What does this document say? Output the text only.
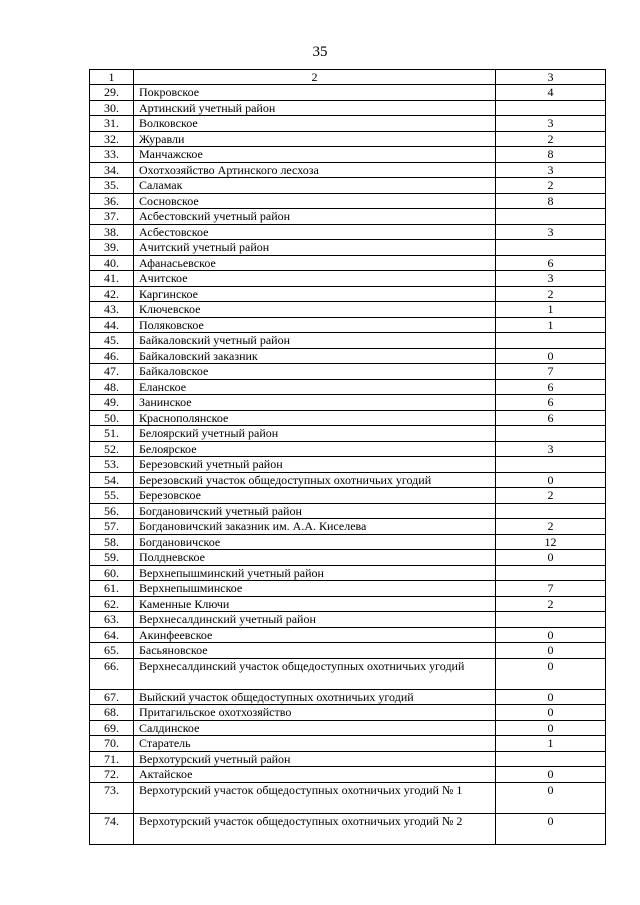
35
1	2	3
29.	Покровское	4
30.	Артинский учетный район	
31.	Волковское	3
32.	Журавли	2
33.	Манчажское	8
34.	Охотхозяйство Артинского лесхоза	3
35.	Саламак	2
36.	Сосновское	8
37.	Асбестовский учетный район	
38.	Асбестовское	3
39.	Ачитский учетный район	
40.	Афанасьевское	6
41.	Ачитское	3
42.	Каргинское	2
43.	Ключевское	1
44.	Поляковское	1
45.	Байкаловский учетный район	
46.	Байкаловский заказник	0
47.	Байкаловское	7
48.	Еланское	6
49.	Занинское	6
50.	Краснополянское	6
51.	Белоярский учетный район	
52.	Белоярское	3
53.	Березовский учетный район	
54.	Березовский участок общедоступных охотничьих угодий	0
55.	Березовское	2
56.	Богдановичский учетный район	
57.	Богдановичский заказник им. А.А. Киселева	2
58.	Богдановичское	12
59.	Полдневское	0
60.	Верхнепышминский учетный район	
61.	Верхнепышминское	7
62.	Каменные Ключи	2
63.	Верхнесалдинский учетный район	
64.	Акинфеевское	0
65.	Басьяновское	0
66.	Верхнесалдинский участок общедоступных охотничьих угодий	0
67.	Выйский участок общедоступных охотничьих угодий	0
68.	Притагильское охотхозяйство	0
69.	Салдинское	0
70.	Старатель	1
71.	Верхотурский учетный район	
72.	Актайское	0
73.	Верхотурский участок общедоступных охотничьих угодий № 1	0
74.	Верхотурский участок общедоступных охотничьих угодий № 2	0
